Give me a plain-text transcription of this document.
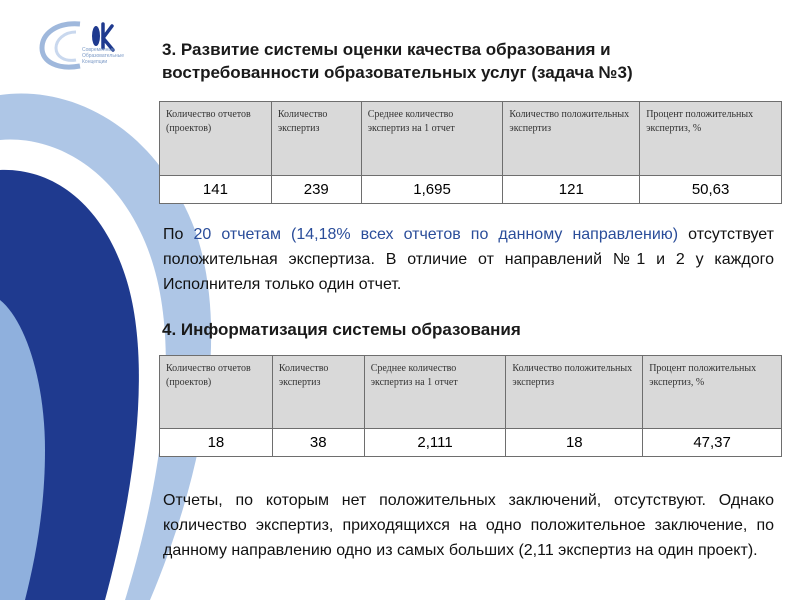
Современные Образовательные Концепции
3. Развитие системы оценки качества образования и
востребованности образовательных услуг (задача №3)
Количество отчетов (проектов)	Количество экспертиз	Среднее количество экспертиз на 1 отчет	Количество положительных экспертиз	Процент положительных экспертиз, %
141	239	1,695	121	50,63
По 20 отчетам (14,18% всех отчетов по данному направлению) отсутствует положительная экспертиза. В отличие от направлений №1 и 2 у каждого Исполнителя только один отчет.
4. Информатизация системы образования
Количество отчетов (проектов)	Количество экспертиз	Среднее количество экспертиз на 1 отчет	Количество положительных экспертиз	Процент положительных экспертиз, %
18	38	2,111	18	47,37
Отчеты, по которым нет положительных заключений, отсутствуют. Однако количество экспертиз, приходящихся на одно положительное заключение, по данному направлению одно из самых больших (2,11 экспертиз на один проект).
